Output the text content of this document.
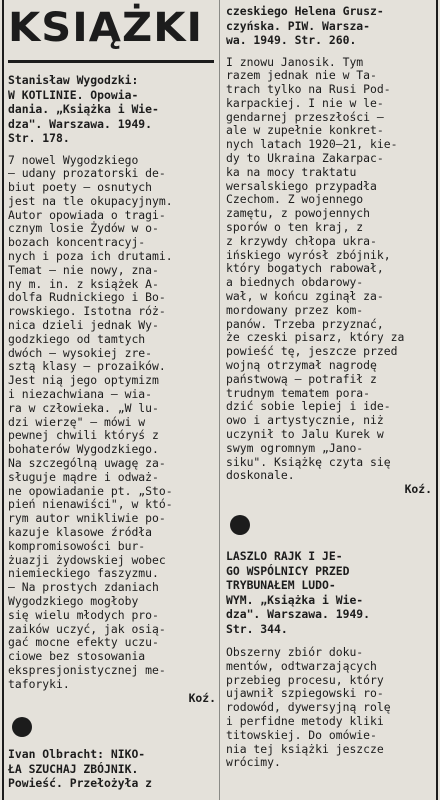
KSIĄŻKI

Stanisław Wygodzki:
W KOTLINIE. Opowia-
dania. „Książka i Wie-
dza". Warszawa. 1949.
Str. 178.

7 nowel Wygodzkiego
— udany prozatorski de-
biut poety — osnutych
jest na tle okupacyjnym.
Autor opowiada o tragi-
cznym losie Żydów w o-
bozach koncentracyj-
nych i poza ich drutami.
Temat — nie nowy, zna-
ny m. in. z książek A-
dolfa Rudnickiego i Bo-
rowskiego. Istotna róż-
nica dzieli jednak Wy-
godzkiego od tamtych
dwóch — wysokiej zre-
sztą klasy — prozaików.
Jest nią jego optymizm
i niezachwiana — wia-
ra w człowieka. „W lu-
dzi wierzę" — mówi w
pewnej chwili któryś z
bohaterów Wygodzkiego.
Na szczególną uwagę za-
sługuje mądre i odważ-
ne opowiadanie pt. „Sto-
pień nienawiści", w któ-
rym autor wnikliwie po-
kazuje klasowe źródła
kompromisowości bur-
żuazji żydowskiej wobec
niemieckiego faszyzmu.
— Na prostych zdaniach
Wygodzkiego mogłoby
się wielu młodych pro-
zaików uczyć, jak osią-
gać mocne efekty uczu-
ciowe bez stosowania
ekspresjonistycznej me-
taforyki.

Koź.

Ivan Olbracht: NIKO-
ŁA SZUCHAJ ZBÓJNIK.
Powieść. Przełożyła z

czeskiego Helena Grusz-
czyńska. PIW. Warsza-
wa. 1949. Str. 260.

I znowu Janosik. Tym
razem jednak nie w Ta-
trach tylko na Rusi Pod-
karpackiej. I nie w le-
gendarnej przeszłości —
ale w zupełnie konkret-
nych latach 1920—21, kie-
dy to Ukraina Zakarpac-
ka na mocy traktatu
wersalskiego przypadła
Czechom. Z wojennego
zamętu, z powojennych
sporów o ten kraj, z
z krzywdy chłopa ukra-
ińskiego wyrósł zbójnik,
który bogatych rabował,
a biednych obdarowy-
wał, w końcu zginął za-
mordowany przez kom-
panów. Trzeba przyznać,
że czeski pisarz, który za
powieść tę, jeszcze przed
wojną otrzymał nagrodę
państwową — potrafił z
trudnym tematem pora-
dzić sobie lepiej i ide-
owo i artystycznie, niż
uczynił to Jalu Kurek w
swym ogromnym „Jano-
siku". Książkę czyta się
doskonale.

Koź.

LASZLO RAJK I JE-
GO WSPÓLNICY PRZED
TRYBUNAŁEM LUDO-
WYM. „Książka i Wie-
dza". Warszawa. 1949.
Str. 344.

Obszerny zbiór doku-
mentów, odtwarzających
przebieg procesu, który
ujawnił szpiegowski ro-
rodowód, dywersyjną rolę
i perfidne metody kliki
titowskiej. Do omówie-
nia tej książki jeszcze
wrócimy.
